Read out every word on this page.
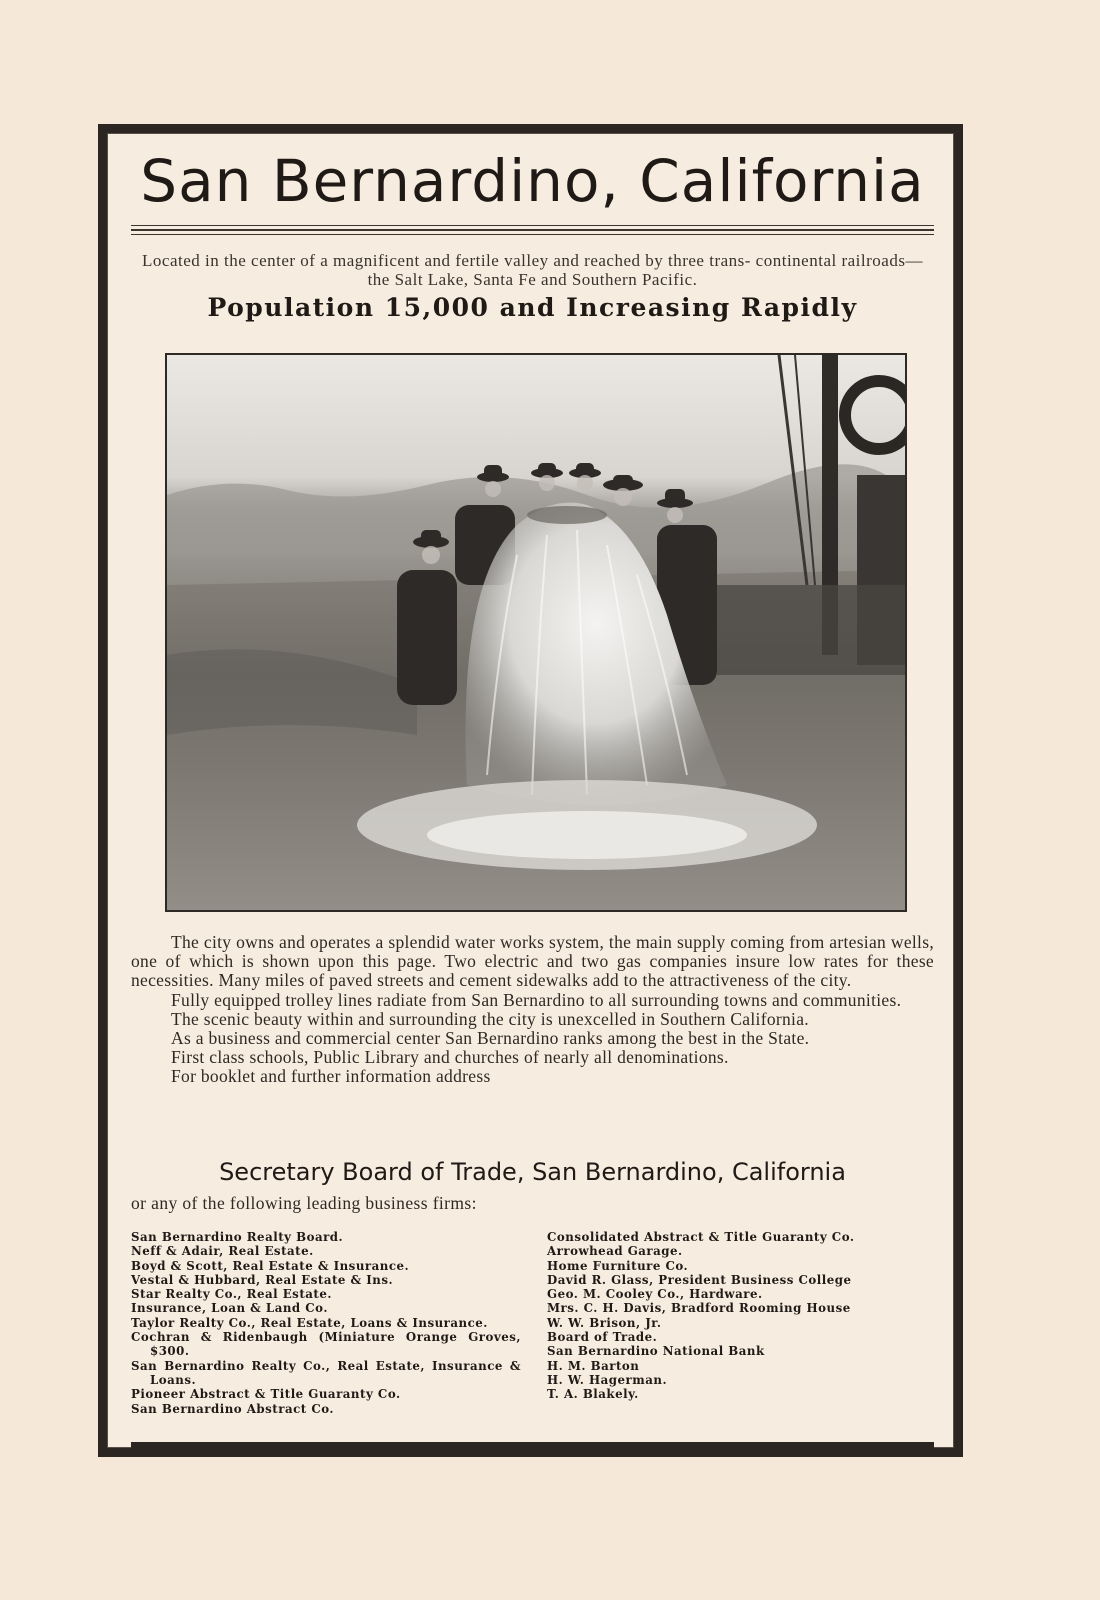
San Bernardino, California
Located in the center of a magnificent and fertile valley and reached by three trans- continental railroads—the Salt Lake, Santa Fe and Southern Pacific.
Population 15,000 and Increasing Rapidly

The city owns and operates a splendid water works system, the main supply coming from artesian wells, one of which is shown upon this page. Two electric and two gas companies insure low rates for these necessities. Many miles of paved streets and cement sidewalks add to the attractiveness of the city.

Fully equipped trolley lines radiate from San Bernardino to all surrounding towns and communities.

The scenic beauty within and surrounding the city is unexcelled in Southern California.

As a business and commercial center San Bernardino ranks among the best in the State.

First class schools, Public Library and churches of nearly all denominations.

For booklet and further information address

Secretary Board of Trade, San Bernardino, California
or any of the following leading business firms:
San Bernardino Realty Board.
Neff & Adair, Real Estate.
Boyd & Scott, Real Estate & Insurance.
Vestal & Hubbard, Real Estate & Ins.
Star Realty Co., Real Estate.
Insurance, Loan & Land Co.
Taylor Realty Co., Real Estate, Loans & Insurance.
Cochran & Ridenbaugh (Miniature Orange Groves, $300.
San Bernardino Realty Co., Real Estate, Insurance & Loans.
Pioneer Abstract & Title Guaranty Co.
San Bernardino Abstract Co.
Consolidated Abstract & Title Guaranty Co.
Arrowhead Garage.
Home Furniture Co.
David R. Glass, President Business College
Geo. M. Cooley Co., Hardware.
Mrs. C. H. Davis, Bradford Rooming House
W. W. Brison, Jr.
Board of Trade.
San Bernardino National Bank
H. M. Barton
H. W. Hagerman.
T. A. Blakely.
